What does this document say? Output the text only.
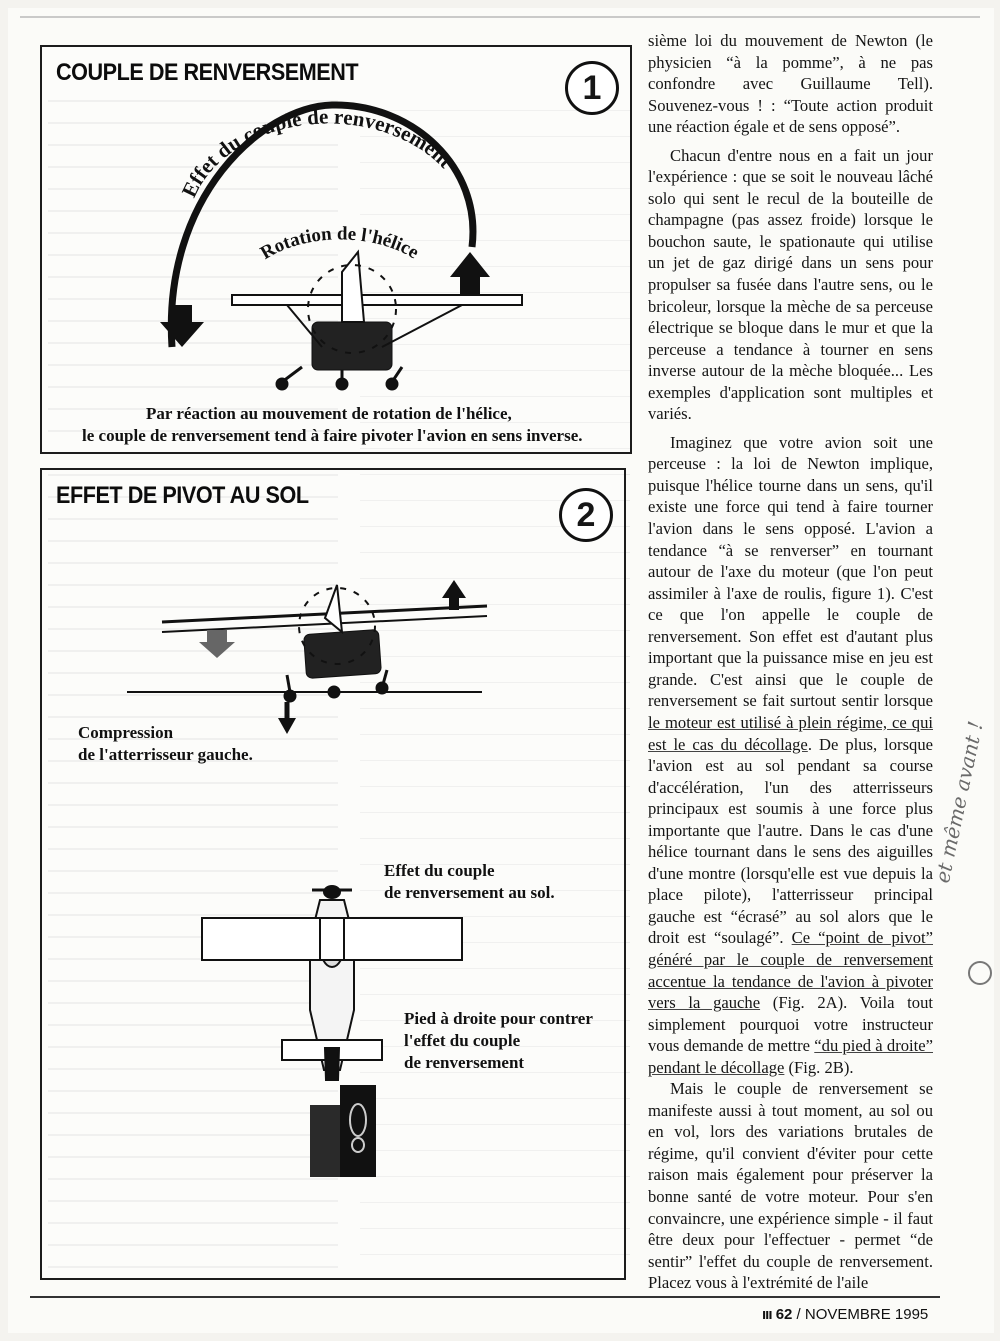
COUPLE DE RENVERSEMENT	1
Effet du couple de renversement
Rotation de l'hélice
Par réaction au mouvement de rotation de l'hélice,
le couple de renversement tend à faire pivoter l'avion en sens inverse.
EFFET DE PIVOT AU SOL	2
Compression
de l'atterrisseur gauche.
Effet du couple
de renversement au sol.
Pied à droite pour contrer
l'effet du couple
de renversement

sième loi du mouvement de Newton (le physicien “à la pomme”, à ne pas confondre avec Guillaume Tell). Souvenez-vous ! : “Toute action produit une réaction égale et de sens opposé”.

Chacun d'entre nous en a fait un jour l'expérience : que se soit le nouveau lâché solo qui sent le recul de la bouteille de champagne (pas assez froide) lorsque le bouchon saute, le spationaute qui utilise un jet de gaz dirigé dans un sens pour propulser sa fusée dans l'autre sens, ou le bricoleur, lorsque la mèche de sa perceuse électrique se bloque dans le mur et que la perceuse a tendance à tourner en sens inverse autour de la mèche bloquée... Les exemples d'application sont multiples et variés.

Imaginez que votre avion soit une perceuse : la loi de Newton implique, puisque l'hélice tourne dans un sens, qu'il existe une force qui tend à faire tourner l'avion dans le sens opposé. L'avion a tendance “à se renverser” en tournant autour de l'axe du moteur (que l'on peut assimiler à l'axe de roulis, figure 1). C'est ce que l'on appelle le couple de renversement. Son effet est d'autant plus important que la puissance mise en jeu est grande. C'est ainsi que le couple de renversement se fait surtout sentir lorsque le moteur est utilisé à plein régime, ce qui est le cas du décollage. De plus, lorsque l'avion est au sol pendant sa course d'accélération, l'un des atterrisseurs principaux est soumis à une force plus importante que l'autre. Dans le cas d'une hélice tournant dans le sens des aiguilles d'une montre (lorsqu'elle est vue depuis la place pilote), l'atterrisseur principal gauche est “écrasé” au sol alors que le droit est “soulagé”. Ce “point de pivot” généré par le couple de renversement accentue la tendance de l'avion à pivoter vers la gauche (Fig. 2A). Voila tout simplement pourquoi votre instructeur vous demande de mettre “du pied à droite” pendant le décollage (Fig. 2B).

Mais le couple de renversement se manifeste aussi à tout moment, au sol ou en vol, lors des variations brutales de régime, qu'il convient d'éviter pour cette raison mais également pour préserver la bonne santé de votre moteur. Pour s'en convaincre, une expérience simple - il faut être deux pour l'effectuer - permet “de sentir” l'effet du couple de renversement. Placez vous à l'extrémité de l'aile

et même avant !
ııı 62 / NOVEMBRE 1995
